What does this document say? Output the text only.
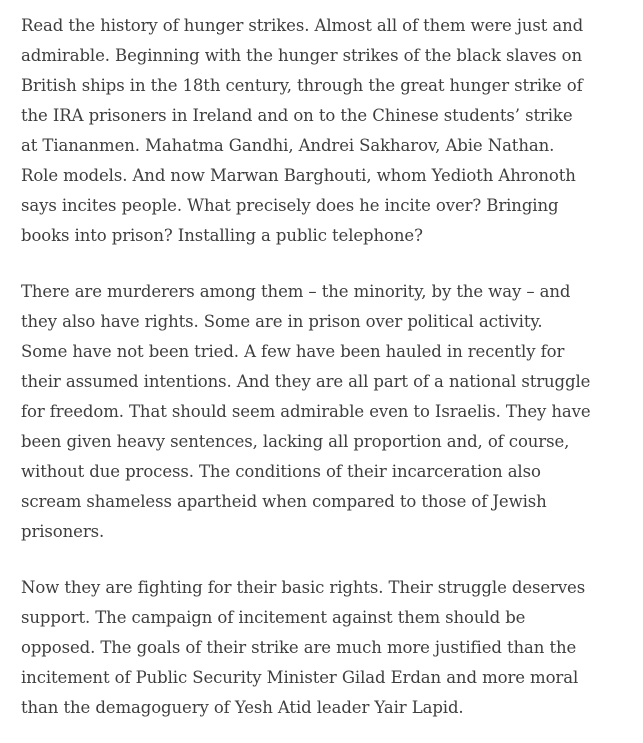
Read the history of hunger strikes. Almost all of them were just and
admirable. Beginning with the hunger strikes of the black slaves on
British ships in the 18th century, through the great hunger strike of
the IRA prisoners in Ireland and on to the Chinese students’ strike
at Tiananmen. Mahatma Gandhi, Andrei Sakharov, Abie Nathan.
Role models. And now Marwan Barghouti, whom Yedioth Ahronoth
says incites people. What precisely does he incite over? Bringing
books into prison? Installing a public telephone?

There are murderers among them – the minority, by the way – and
they also have rights. Some are in prison over political activity.
Some have not been tried. A few have been hauled in recently for
their assumed intentions. And they are all part of a national struggle
for freedom. That should seem admirable even to Israelis. They have
been given heavy sentences, lacking all proportion and, of course,
without due process. The conditions of their incarceration also
scream shameless apartheid when compared to those of Jewish
prisoners.

Now they are fighting for their basic rights. Their struggle deserves
support. The campaign of incitement against them should be
opposed. The goals of their strike are much more justified than the
incitement of Public Security Minister Gilad Erdan and more moral
than the demagoguery of Yesh Atid leader Yair Lapid.
